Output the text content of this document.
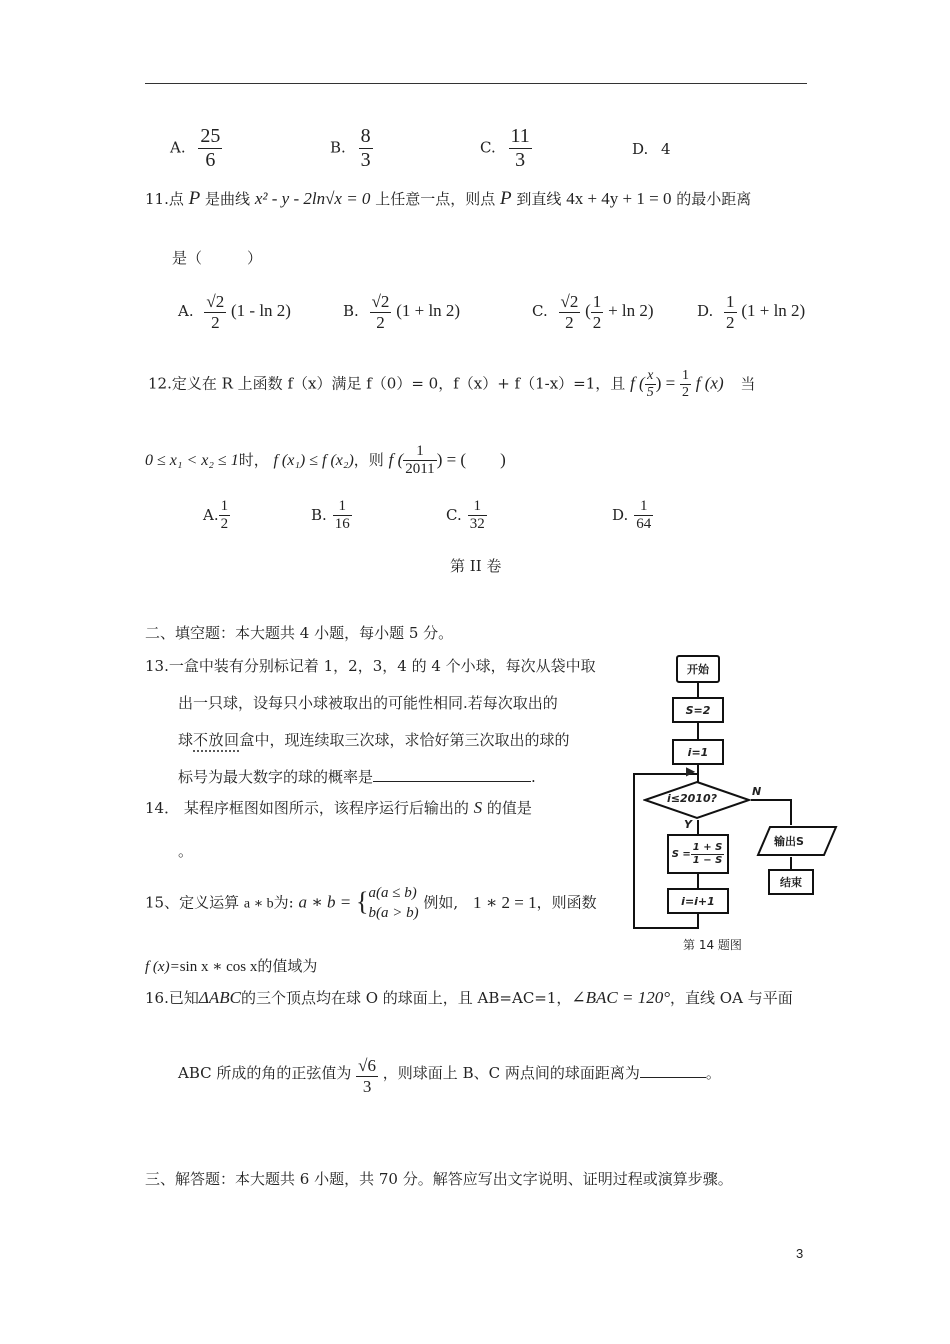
A. $\frac{25}{6}$	B. $\frac{8}{3}$	C. $\frac{11}{3}$	D. 4
11.点 P 是曲线 x² - y - 2ln√x = 0 上任意一点，则点 P 到直线 4x + 4y + 1 = 0 的最小距离
是（　　　）
A. $\frac{√2}{2} (1$ - ln 2)	B. $\frac{√2}{2} (1 + \ln 2)$	C. $\frac{√2}{2}$ ( $\frac{1}{2} + \ln 2$)	D. $\frac{1}{2} (1 + \ln 2)$
12.定义在 R 上函数 f（x）满足 f（0）= 0，f（x）+ f（1-x）=1，且 f ( $\frac{x}{5}$ ) = $\frac{1}{2}$ f (x) 当
0 ≤ x₁ < x₂ ≤ 1时， f (x₁) ≤ f (x₂)，则 f ( $\frac{1}{2011}$ ) = (　　)
A. $\frac{1}{2}$	B. $\frac{1}{16}$	C. $\frac{1}{32}$	D. $\frac{1}{64}$
第 II 卷
二、填空题：本大题共 4 小题，每小题 5 分。
13.一盒中装有分别标记着 1，2，3，4 的 4 个小球，每次从袋中取
出一只球，设每只小球被取出的可能性相同.若每次取出的
球不放回盒中，现连续取三次球，求恰好第三次取出的球的
标号为最大数字的球的概率是	.
14． 某程序框图如图所示，该程序运行后输出的 S 的值是
。
15、定义运算 a ∗ b为: a ∗ b = { a(a ≤ b)
b(a > b)
例如, 1 ∗ 2 = 1，则函数
f (x)=sin x ∗ cos x的值域为
16.已知ΔABC的三个顶点均在球 O 的球面上，且 AB=AC=1，∠BAC = 120°，直线 OA 与平面
ABC 所成的角的正弦值为 $\frac{√6}{3}$ ，则球面上 B、C 两点间的球面距离为	。
三、解答题：本大题共 6 小题，共 70 分。解答应写出文字说明、证明过程或演算步骤。
开始
S=2
i=1
i≤2010?
N
输出S
结束
Y
$S = \frac{1 + S}{1 - S}$
i=i+1
▶
第 14 题图
3
